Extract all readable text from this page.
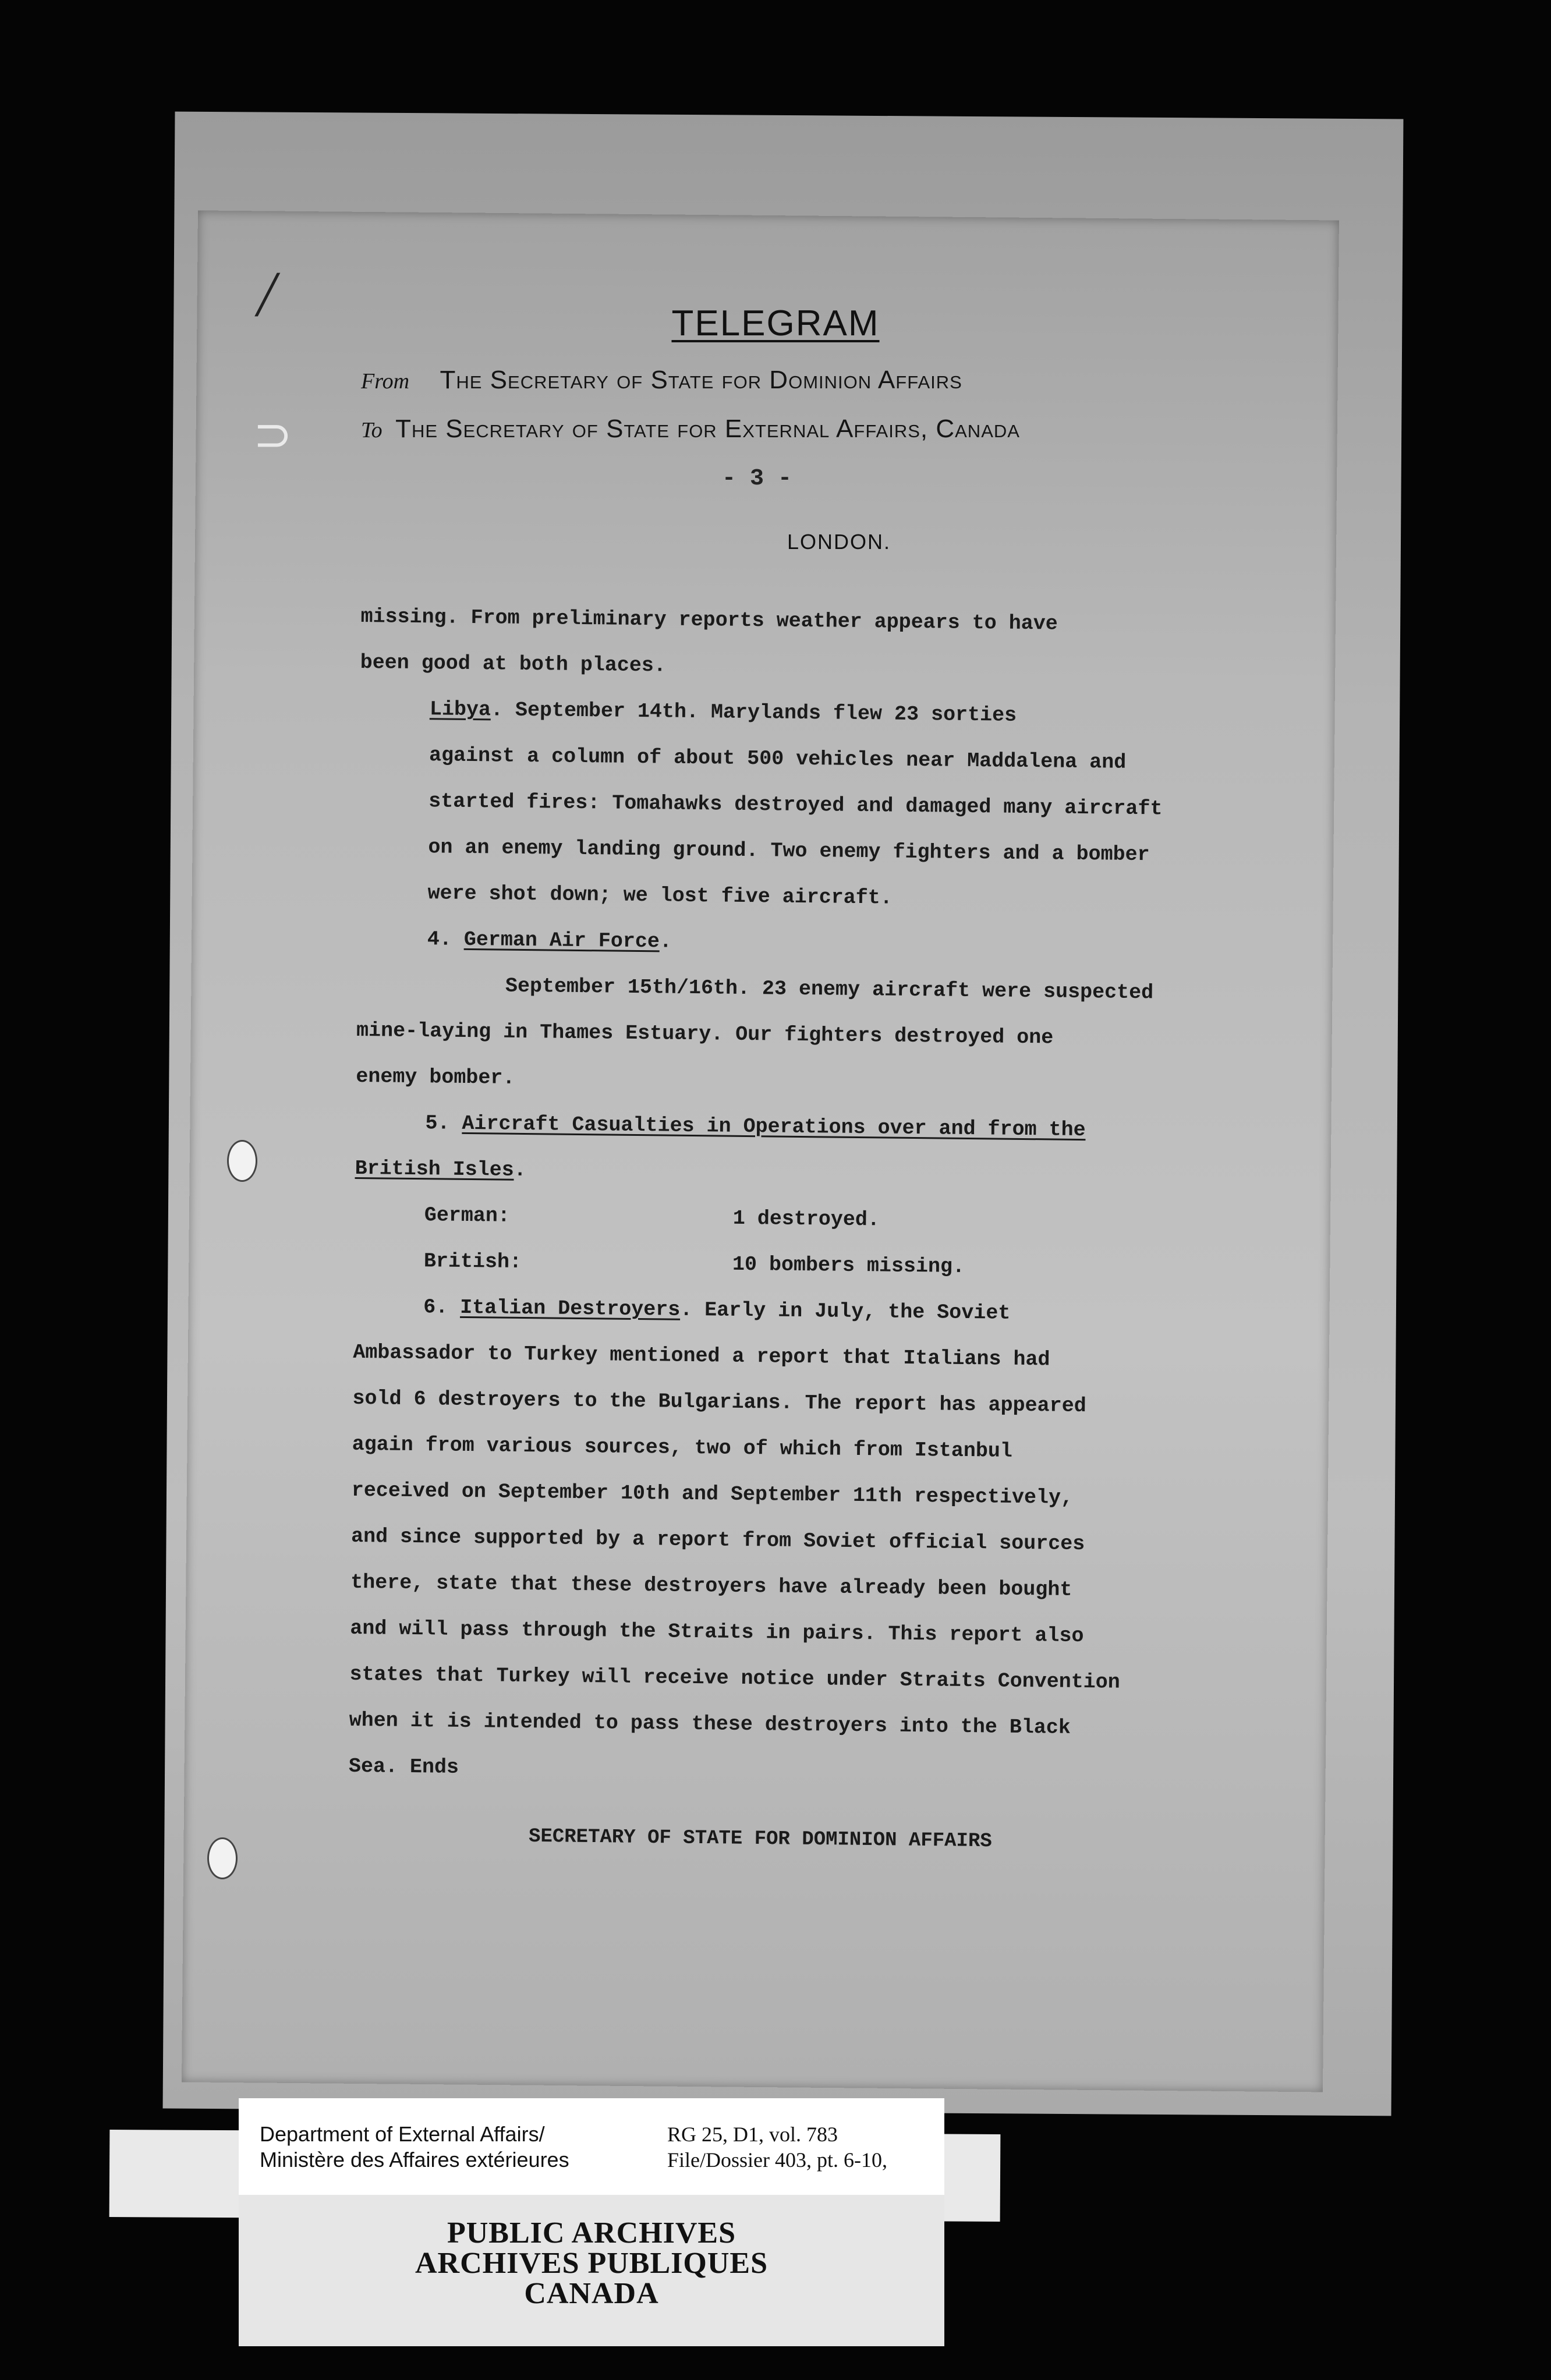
╱
⊃
TELEGRAM
From The Secretary of State for Dominion Affairs
To The Secretary of State for External Affairs, Canada
- 3 -
LONDON.

missing. From preliminary reports weather appears to have
been good at both places.

Libya. September 14th. Marylands flew 23 sorties
against a column of about 500 vehicles near Maddalena and
started fires: Tomahawks destroyed and damaged many aircraft
on an enemy landing ground. Two enemy fighters and a bomber
were shot down; we lost five aircraft.

4. German Air Force.

September 15th/16th. 23 enemy aircraft were suspected
mine-laying in Thames Estuary. Our fighters destroyed one
enemy bomber.

5. Aircraft Casualties in Operations over and from the

British Isles.

German:	1 destroyed.
British:	10 bombers missing.

6. Italian Destroyers. Early in July, the Soviet
Ambassador to Turkey mentioned a report that Italians had
sold 6 destroyers to the Bulgarians. The report has appeared
again from various sources, two of which from Istanbul
received on September 10th and September 11th respectively,
and since supported by a report from Soviet official sources
there, state that these destroyers have already been bought
and will pass through the Straits in pairs. This report also
states that Turkey will receive notice under Straits Convention
when it is intended to pass these destroyers into the Black
Sea. Ends

SECRETARY OF STATE FOR DOMINION AFFAIRS
Department of External Affairs/
Ministère des Affaires extérieures
RG 25, D1, vol. 783
File/Dossier 403, pt. 6-10,
PUBLIC ARCHIVES
ARCHIVES PUBLIQUES
CANADA
